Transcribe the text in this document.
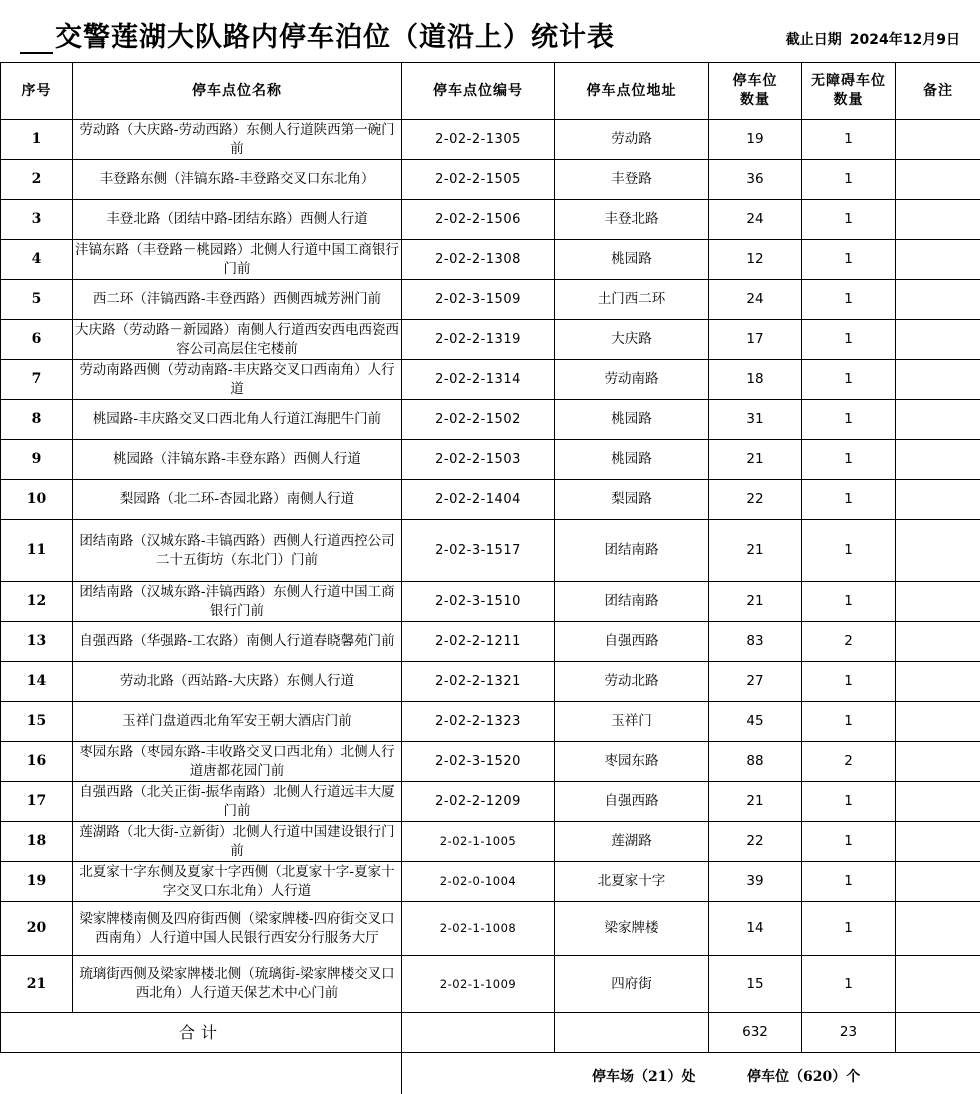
交警莲湖大队路内停车泊位（道沿上）统计表	截止日期 2024年12月9日
序号	停车点位名称	停车点位编号	停车点位地址	停车位数量	无障碍车位数量	备注
1	劳动路（大庆路-劳动西路）东侧人行道陕西第一碗门前	2-02-2-1305	劳动路	19	1	
2	丰登路东侧（沣镐东路-丰登路交叉口东北角）	2-02-2-1505	丰登路	36	1	
3	丰登北路（团结中路-团结东路）西侧人行道	2-02-2-1506	丰登北路	24	1	
4	沣镐东路（丰登路－桃园路）北侧人行道中国工商银行门前	2-02-2-1308	桃园路	12	1	
5	西二环（沣镐西路-丰登西路）西侧西城芳洲门前	2-02-3-1509	土门西二环	24	1	
6	大庆路（劳动路－新园路）南侧人行道西安西电西瓷西容公司高层住宅楼前	2-02-2-1319	大庆路	17	1	
7	劳动南路西侧（劳动南路-丰庆路交叉口西南角）人行道	2-02-2-1314	劳动南路	18	1	
8	桃园路-丰庆路交叉口西北角人行道江海肥牛门前	2-02-2-1502	桃园路	31	1	
9	桃园路（沣镐东路-丰登东路）西侧人行道	2-02-2-1503	桃园路	21	1	
10	梨园路（北二环-杏园北路）南侧人行道	2-02-2-1404	梨园路	22	1	
11	团结南路（汉城东路-丰镐西路）西侧人行道西控公司二十五街坊（东北门）门前	2-02-3-1517	团结南路	21	1	
12	团结南路（汉城东路-沣镐西路）东侧人行道中国工商银行门前	2-02-3-1510	团结南路	21	1	
13	自强西路（华强路-工农路）南侧人行道春晓馨苑门前	2-02-2-1211	自强西路	83	2	
14	劳动北路（西站路-大庆路）东侧人行道	2-02-2-1321	劳动北路	27	1	
15	玉祥门盘道西北角军安王朝大酒店门前	2-02-2-1323	玉祥门	45	1	
16	枣园东路（枣园东路-丰收路交叉口西北角）北侧人行道唐都花园门前	2-02-3-1520	枣园东路	88	2	
17	自强西路（北关正街-振华南路）北侧人行道远丰大厦门前	2-02-2-1209	自强西路	21	1	
18	莲湖路（北大街-立新街）北侧人行道中国建设银行门前	2-02-1-1005	莲湖路	22	1	
19	北夏家十字东侧及夏家十字西侧（北夏家十字-夏家十字交叉口东北角）人行道	2-02-0-1004	北夏家十字	39	1	
20	梁家牌楼南侧及四府街西侧（梁家牌楼-四府街交叉口西南角）人行道中国人民银行西安分行服务大厅	2-02-1-1008	梁家牌楼	14	1	
21	琉璃街西侧及梁家牌楼北侧（琉璃街-梁家牌楼交叉口西北角）人行道天保艺术中心门前	2-02-1-1009	四府街	15	1	
合计				632	23	
停车场（21）处	停车位（620）个
